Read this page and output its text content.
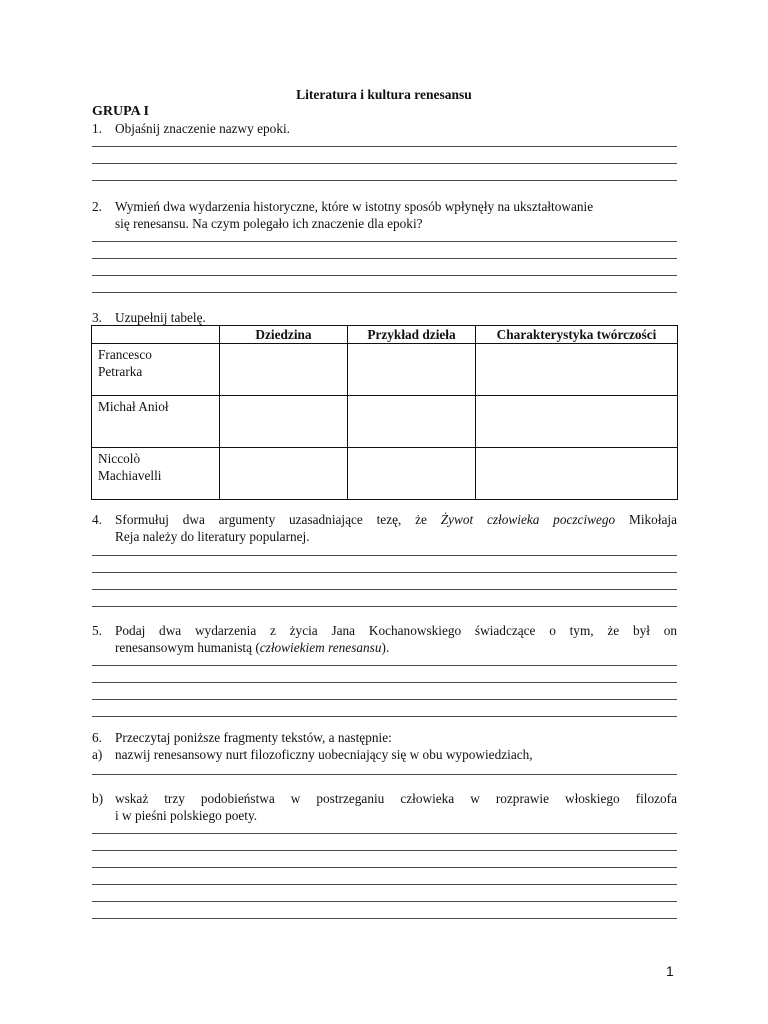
Literatura i kultura renesansu
GRUPA I
1. Objaśnij znaczenie nazwy epoki.
2. Wymień dwa wydarzenia historyczne, które w istotny sposób wpłynęły na ukształtowanie
się renesansu. Na czym polegało ich znaczenie dla epoki?
3. Uzupełnij tabelę.
	Dziedzina	Przykład dzieła	Charakterystyka twórczości

Francesco
Petrarka			

Michał Anioł			

Niccolò
Machiavelli			

4. Sformułuj dwa argumenty uzasadniające tezę, że Żywot człowieka poczciwego Mikołaja
Reja należy do literatury popularnej.
5. Podaj dwa wydarzenia z życia Jana Kochanowskiego świadczące o tym, że był on
renesansowym humanistą (człowiekiem renesansu).
6. Przeczytaj poniższe fragmenty tekstów, a następnie:
a) nazwij renesansowy nurt filozoficzny uobecniający się w obu wypowiedziach,
b) wskaż trzy podobieństwa w postrzeganiu człowieka w rozprawie włoskiego filozofa
i w pieśni polskiego poety.
1
